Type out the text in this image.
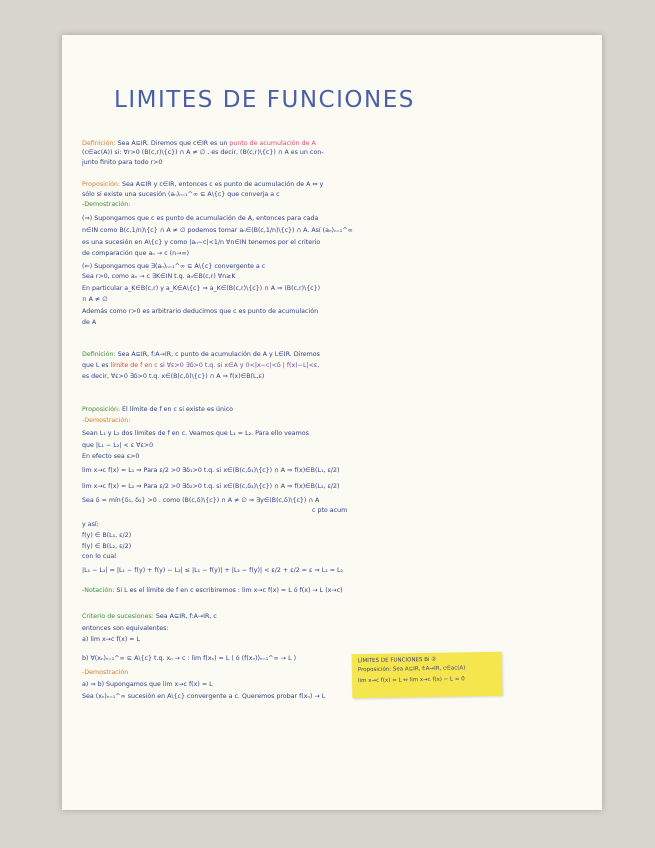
LIMITES DE FUNCIONES
Definición: Sea A⊆IR. Diremos que c∈IR es un punto de acumulación de A
(c∈ac(A)) si: ∀r>0 (B(c,r)\{c}) ∩ A ≠ ∅ , es decir, (B(c,r)\{c}) ∩ A es un con-
junto finito para todo r>0
Proposición: Sea A⊆IR y c∈IR, entonces c es punto de acumulación de A ⇔ y
sólo si existe una sucesión (aₙ)ₙ₌₁^∞ ⊆ A\{c} que converja a c
-Demostración:
(⇒) Supongamos que c es punto de acumulación de A, entonces para cada
n∈IN como B(c,1/n)\{c} ∩ A ≠ ∅ podemos tomar aₙ∈(B(c,1/n)\{c}) ∩ A. Así (aₙ)ₙ₌₁^∞
es una sucesión en A\{c} y como |aₙ−c|<1/n ∀n∈IN tenemos por el criterio
de comparación que aₙ → c (n→∞)
(⇐) Supongamos que ∃(aₙ)ₙ₌₁^∞ ⊆ A\{c} convergente a c
Sea r>0, como aₙ → c ∃K∈IN t.q. aₙ∈B(c,r) ∀n≥K
En particular a_K∈B(c,r) y a_K∈A\{c} ⇒ a_K∈(B(c,r)\{c}) ∩ A ⇒ (B(c,r)\{c})
∩ A ≠ ∅
Además como r>0 es arbitrario deducimos que c es punto de acumulación
de A
Definición: Sea A⊆IR, f:A→IR, c punto de acumulación de A y L∈IR. Diremos
que L es límite de f en c si ∀ε>0 ∃δ>0 t.q. si x∈A y 0<|x−c|<δ | f(x)−L|<ε,
es decir, ∀ε>0 ∃δ>0 t.q. x∈(B(c,δ)\{c}) ∩ A ⇒ f(x)∈B(L,ε)
Proposición: El límite de f en c si existe es único
-Demostración:
Sean L₁ y L₂ dos límites de f en c. Veamos que L₁ = L₂. Para ello veamos
que |L₁ − L₂| < ε ∀ε>0
En efecto sea ε>0
lim x→c f(x) = L₁ ⇒ Para ε/2 >0 ∃δ₁>0 t.q. si x∈(B(c,δ₁)\{c}) ∩ A ⇒ f(x)∈B(L₁, ε/2)
lim x→c f(x) = L₂ ⇒ Para ε/2 >0 ∃δ₂>0 t.q. si x∈(B(c,δ₂)\{c}) ∩ A ⇒ f(x)∈B(L₂, ε/2)
Sea δ = mín{δ₁, δ₂} >0 . como (B(c,δ)\{c}) ∩ A ≠ ∅ ⇒ ∃y∈(B(c,δ)\{c}) ∩ A
c pto acum
y así:
f(y) ∈ B(L₁, ε/2)
f(y) ∈ B(L₂, ε/2)
con lo cual
|L₁ − L₂| = |L₁ − f(y) + f(y) − L₂| ≤ |L₁ − f(y)| + |L₂ − f(y)| < ε/2 + ε/2 = ε ⇒ L₁ = L₂
-Notación: Si L es el límite de f en c escribiremos : lim x→c f(x) = L ó f(x) → L (x→c)
Criterio de sucesiones: Sea A⊆IR, f:A→IR, c
entonces son equivalentes:
a) lim x→c f(x) = L
b) ∀(xₙ)ₙ₌₁^∞ ⊆ A\{c} t.q. xₙ → c : lim f(xₙ) = L ( ó (f(xₙ))ₙ₌₁^∞ → L )
-Demostración
a) ⇒ b) Supongamos que lim x→c f(x) = L
Sea (xₙ)ₙ₌₁^∞ sucesión en A\{c} convergente a c. Queremos probar f(xₙ) → L
LÍMITES DE FUNCIONES Bi ②
Proposición: Sea A⊆IR, f:A→IR, c∈ac(A)
lim x→c f(x) = L ⇔ lim x→c f(x) − L = 0
